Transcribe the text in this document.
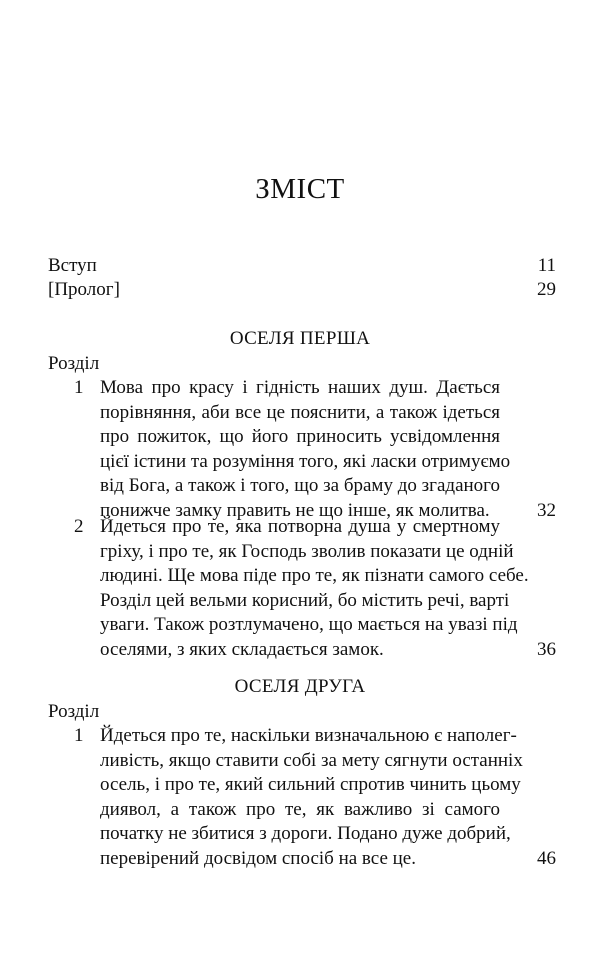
ЗМІСТ
Вступ	11
[Пролог]	29
ОСЕЛЯ ПЕРША
Розділ
1 Мова про красу і гідність наших душ. Дається
порівняння, аби все це пояснити, а також ідеться
про пожиток, що його приносить усвідомлення
цієї істини та розуміння того, які ласки отримуємо
від Бога, а також і того, що за браму до згаданого
понижче замку править не що інше, як молитва.	32
2 Йдеться про те, яка потворна душа у смертному
гріху, і про те, як Господь зволив показати це одній
людині. Ще мова піде про те, як пізнати самого себе.
Розділ цей вельми корисний, бо містить речі, варті
уваги. Також розтлумачено, що мається на увазі під
оселями, з яких складається замок.	36
ОСЕЛЯ ДРУГА
Розділ
1 Йдеться про те, наскільки визначальною є наполег-
ливість, якщо ставити собі за мету сягнути останніх
осель, і про те, який сильний спротив чинить цьому
диявол, а також про те, як важливо зі самого
початку не збитися з дороги. Подано дуже добрий,
перевірений досвідом спосіб на все це.	46
